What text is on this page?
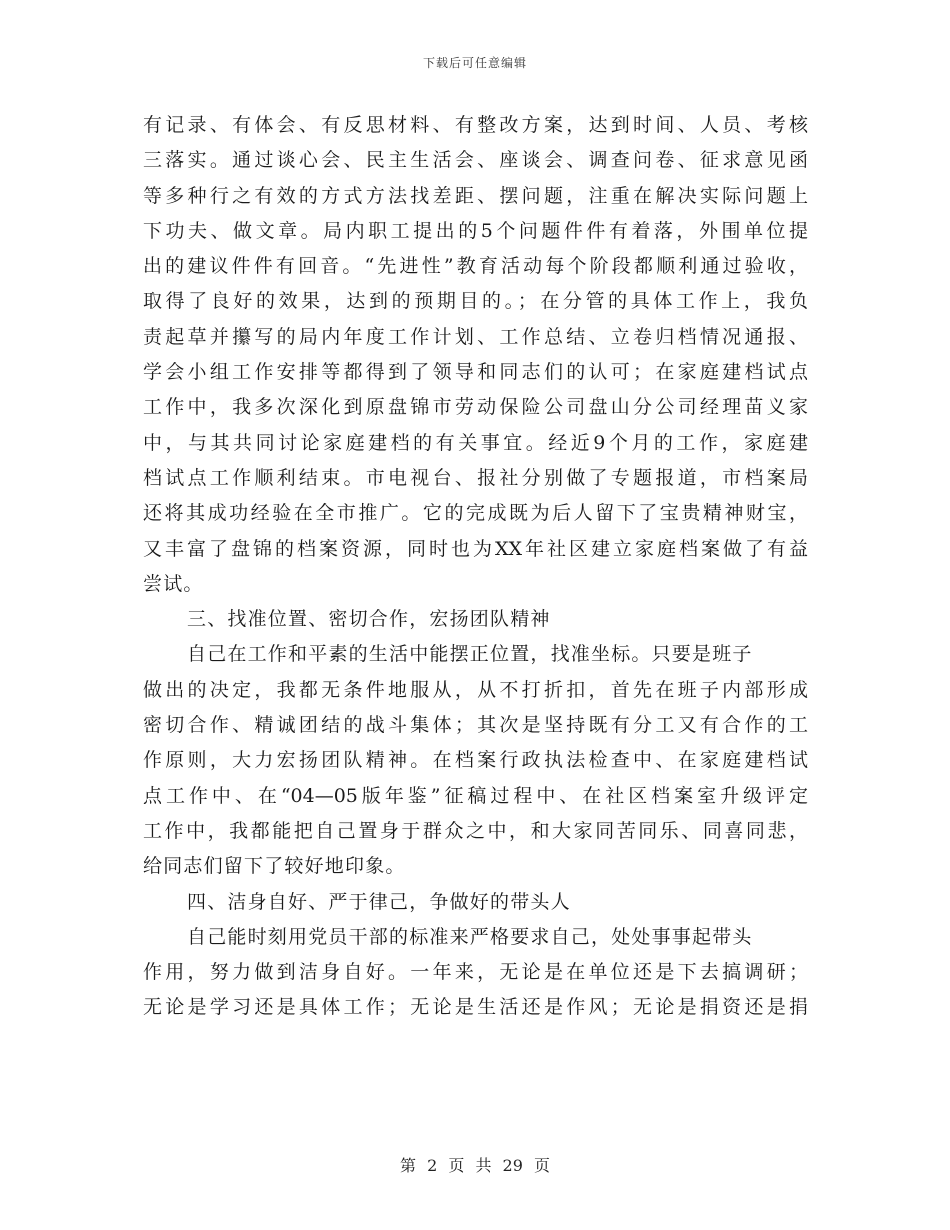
下载后可任意编辑
有记录、有体会、有反思材料、有整改方案，达到时间、人员、考核
三落实。通过谈心会、民主生活会、座谈会、调查问卷、征求意见函
等多种行之有效的方式方法找差距、摆问题，注重在解决实际问题上
下功夫、做文章。局内职工提出的5个问题件件有着落，外围单位提
出的建议件件有回音。“先进性”教育活动每个阶段都顺利通过验收，
取得了良好的效果，达到的预期目的。；在分管的具体工作上，我负
责起草并攥写的局内年度工作计划、工作总结、立卷归档情况通报、
学会小组工作安排等都得到了领导和同志们的认可；在家庭建档试点
工作中，我多次深化到原盘锦市劳动保险公司盘山分公司经理苗义家
中，与其共同讨论家庭建档的有关事宜。经近9个月的工作，家庭建
档试点工作顺利结束。市电视台、报社分别做了专题报道，市档案局
还将其成功经验在全市推广。它的完成既为后人留下了宝贵精神财宝，
又丰富了盘锦的档案资源，同时也为XX年社区建立家庭档案做了有益
尝试。
三、找准位置、密切合作，宏扬团队精神
自己在工作和平素的生活中能摆正位置，找准坐标。只要是班子
做出的决定，我都无条件地服从，从不打折扣，首先在班子内部形成
密切合作、精诚团结的战斗集体；其次是坚持既有分工又有合作的工
作原则，大力宏扬团队精神。在档案行政执法检查中、在家庭建档试
点工作中、在“04—05版年鉴”征稿过程中、在社区档案室升级评定
工作中，我都能把自己置身于群众之中，和大家同苦同乐、同喜同悲，
给同志们留下了较好地印象。
四、洁身自好、严于律己，争做好的带头人
自己能时刻用党员干部的标准来严格要求自己，处处事事起带头
作用，努力做到洁身自好。一年来，无论是在单位还是下去搞调研；
无论是学习还是具体工作；无论是生活还是作风；无论是捐资还是捐
第 2 页 共 29 页
